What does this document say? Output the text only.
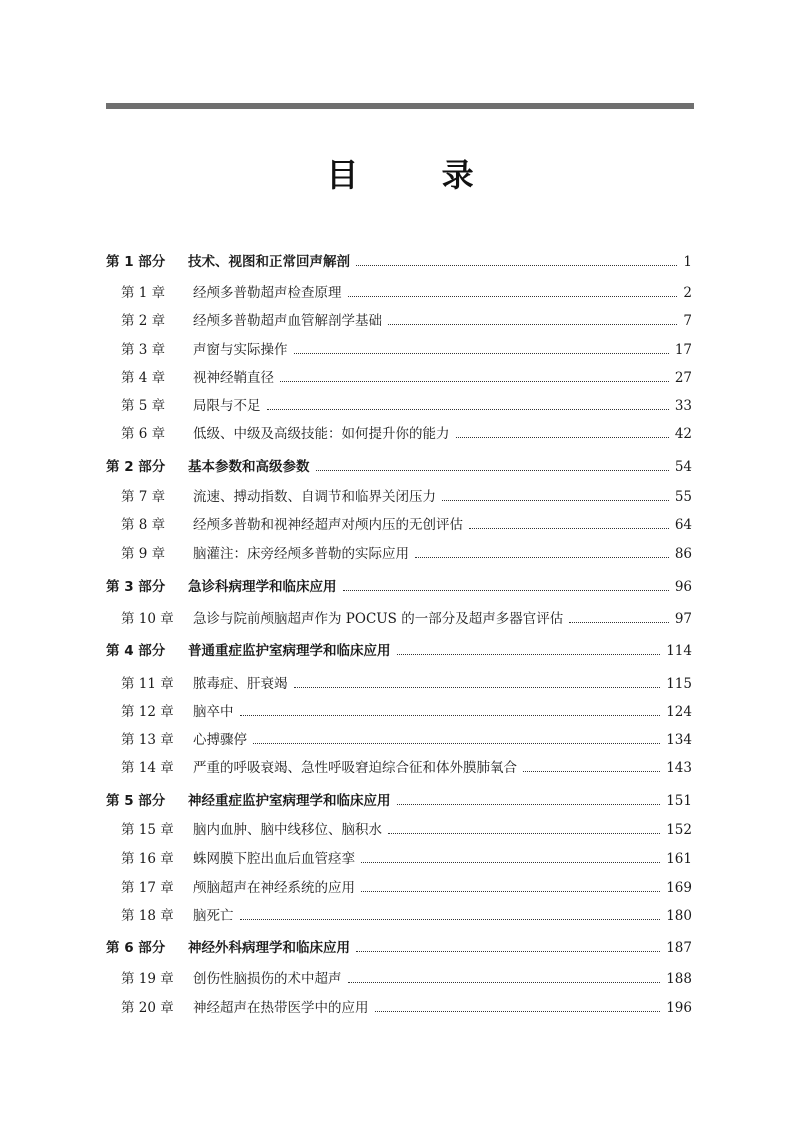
目 录
第 1 部分	技术、视图和正常回声解剖	1
第 1 章	经颅多普勒超声检查原理	2
第 2 章	经颅多普勒超声血管解剖学基础	7
第 3 章	声窗与实际操作	17
第 4 章	视神经鞘直径	27
第 5 章	局限与不足	33
第 6 章	低级、中级及高级技能：如何提升你的能力	42
第 2 部分	基本参数和高级参数	54
第 7 章	流速、搏动指数、自调节和临界关闭压力	55
第 8 章	经颅多普勒和视神经超声对颅内压的无创评估	64
第 9 章	脑灌注：床旁经颅多普勒的实际应用	86
第 3 部分	急诊科病理学和临床应用	96
第 10 章	急诊与院前颅脑超声作为 POCUS 的一部分及超声多器官评估	97
第 4 部分	普通重症监护室病理学和临床应用	114
第 11 章	脓毒症、肝衰竭	115
第 12 章	脑卒中	124
第 13 章	心搏骤停	134
第 14 章	严重的呼吸衰竭、急性呼吸窘迫综合征和体外膜肺氧合	143
第 5 部分	神经重症监护室病理学和临床应用	151
第 15 章	脑内血肿、脑中线移位、脑积水	152
第 16 章	蛛网膜下腔出血后血管痉挛	161
第 17 章	颅脑超声在神经系统的应用	169
第 18 章	脑死亡	180
第 6 部分	神经外科病理学和临床应用	187
第 19 章	创伤性脑损伤的术中超声	188
第 20 章	神经超声在热带医学中的应用	196
